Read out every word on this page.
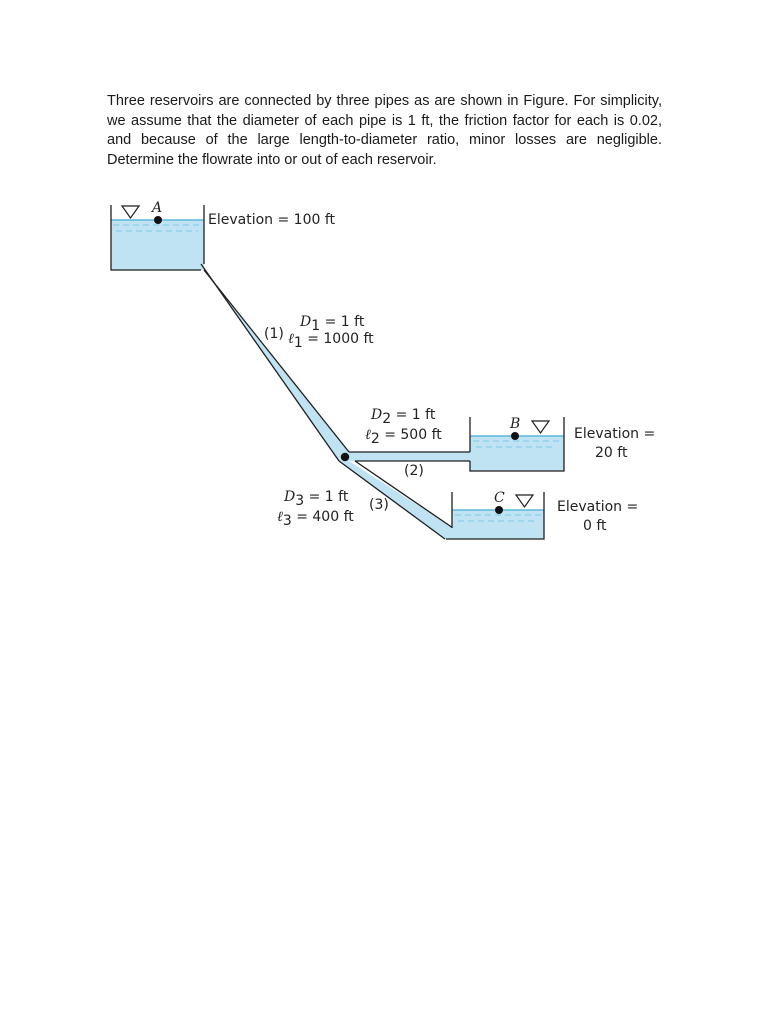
Three reservoirs are connected by three pipes as are shown in Figure. For simplicity, we assume that the diameter of each pipe is 1 ft, the friction factor for each is 0.02, and because of the large length-to-diameter ratio, minor losses are negligible. Determine the flowrate into or out of each reservoir.

A
Elevation = 100 ft
B
Elevation =
20 ft
C
Elevation =
0 ft
(1)
D1 = 1 ft
ℓ1 = 1000 ft
D2 = 1 ft
ℓ2 = 500 ft
(2)
D3 = 1 ft
ℓ3 = 400 ft
(3)
